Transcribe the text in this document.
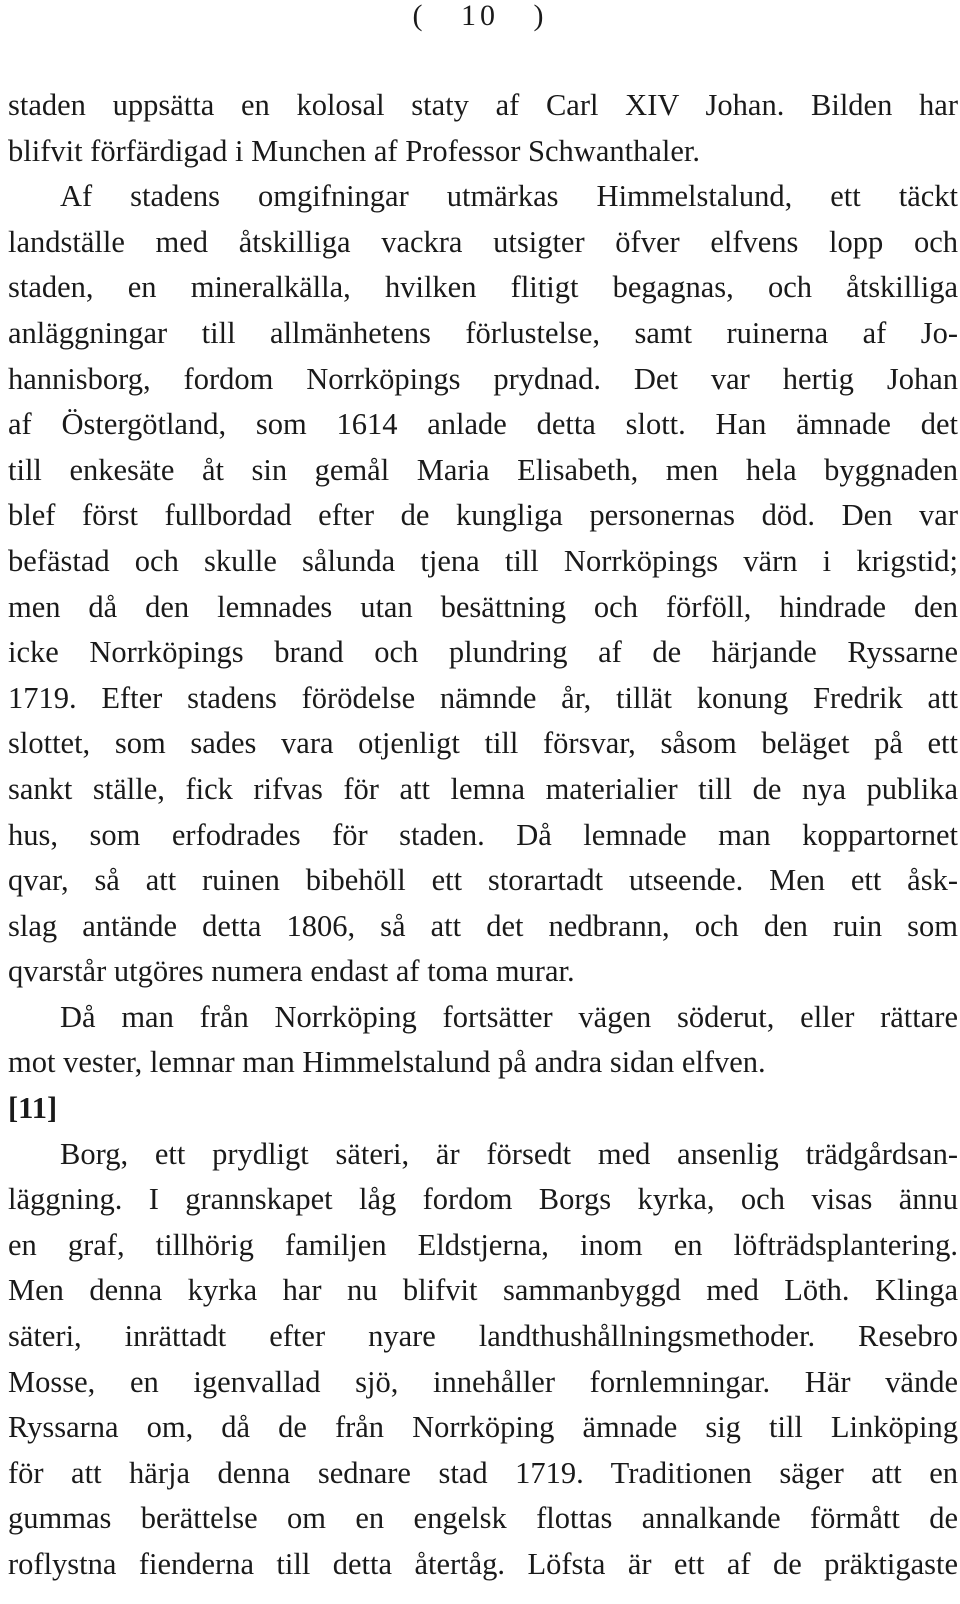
(   10   )
staden uppsätta en kolosal staty af Carl XIV Johan. Bilden har
blifvit förfärdigad i Munchen af Professor Schwanthaler.
Af stadens omgifningar utmärkas Himmelstalund, ett täckt
landställe med åtskilliga vackra utsigter öfver elfvens lopp och
staden, en mineralkälla, hvilken flitigt begagnas, och åtskilliga
anläggningar till allmänhetens förlustelse, samt ruinerna af Jo-
hannisborg, fordom Norrköpings prydnad. Det var hertig Johan
af Östergötland, som 1614 anlade detta slott. Han ämnade det
till enkesäte åt sin gemål Maria Elisabeth, men hela byggnaden
blef först fullbordad efter de kungliga personernas död. Den var
befästad och skulle sålunda tjena till Norrköpings värn i krigstid;
men då den lemnades utan besättning och förföll, hindrade den
icke Norrköpings brand och plundring af de härjande Ryssarne
1719. Efter stadens förödelse nämnde år, tillät konung Fredrik att
slottet, som sades vara otjenligt till försvar, såsom beläget på ett
sankt ställe, fick rifvas för att lemna materialier till de nya publika
hus, som erfodrades för staden. Då lemnade man koppartornet
qvar, så att ruinen bibehöll ett storartadt utseende. Men ett åsk-
slag antände detta 1806, så att det nedbrann, och den ruin som
qvarstår utgöres numera endast af toma murar.
Då man från Norrköping fortsätter vägen söderut, eller rättare
mot vester, lemnar man Himmelstalund på andra sidan elfven.
[11]
Borg, ett prydligt säteri, är försedt med ansenlig trädgårdsan-
läggning. I grannskapet låg fordom Borgs kyrka, och visas ännu
en graf, tillhörig familjen Eldstjerna, inom en löfträdsplantering.
Men denna kyrka har nu blifvit sammanbyggd med Löth. Klinga
säteri, inrättadt efter nyare landthushållningsmethoder. Resebro
Mosse, en igenvallad sjö, innehåller fornlemningar. Här vände
Ryssarna om, då de från Norrköping ämnade sig till Linköping
för att härja denna sednare stad 1719. Traditionen säger att en
gummas berättelse om en engelsk flottas annalkande förmått de
roflystna fienderna till detta återtåg. Löfsta är ett af de präktigaste
